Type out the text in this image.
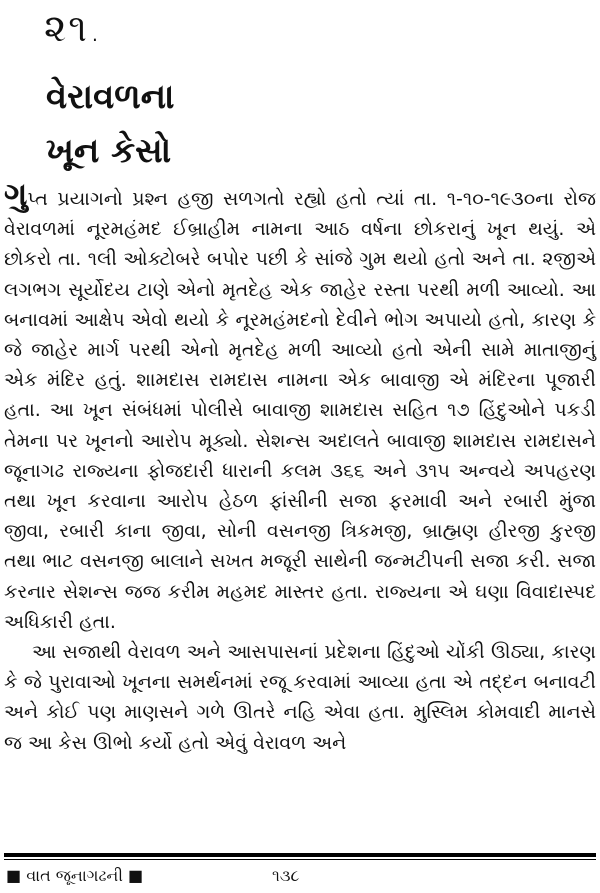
૨૧.
વેરાવળના
ખૂન કેસો

ગુપ્ત પ્રયાગનો પ્રશ્ન હજી સળગતો રહ્યો હતો ત્યાં તા. ૧-૧૦-૧૯૩૦ના રોજ વેરાવળમાં નૂરમહંમદ ઈબ્રાહીમ નામના આઠ વર્ષના છોકરાનું ખૂન થયું. એ છોકરો તા. ૧લી ઓક્ટોબરે બપોર પછી કે સાંજે ગુમ થયો હતો અને તા. ૨જીએ લગભગ સૂર્યોદય ટાણે એનો મૃતદેહ એક જાહેર રસ્તા પરથી મળી આવ્યો. આ બનાવમાં આક્ષેપ એવો થયો કે નૂરમહંમદનો દેવીને ભોગ અપાયો હતો, કારણ કે જે જાહેર માર્ગ પરથી એનો મૃતદેહ મળી આવ્યો હતો એની સામે માતાજીનું એક મંદિર હતું. શામદાસ રામદાસ નામના એક બાવાજી એ મંદિરના પૂજારી હતા. આ ખૂન સંબંધમાં પોલીસે બાવાજી શામદાસ સહિત ૧૭ હિંદુઓને પકડી તેમના પર ખૂનનો આરોપ મૂક્યો. સેશન્સ અદાલતે બાવાજી શામદાસ રામદાસને જૂનાગઢ રાજ્યના ફોજદારી ધારાની કલમ ૩૬૬ અને ૩૧૫ અન્વયે અપહરણ તથા ખૂન કરવાના આરોપ હેઠળ ફાંસીની સજા ફરમાવી અને રબારી મુંજા જીવા, રબારી કાના જીવા, સોની વસનજી ત્રિકમજી, બ્રાહ્મણ હીરજી કુરજી તથા ભાટ વસનજી બાલાને સખત મજૂરી સાથેની જન્મટીપની સજા કરી. સજા કરનાર સેશન્સ જજ કરીમ મહમદ માસ્તર હતા. રાજ્યના એ ઘણા વિવાદાસ્પદ અધિકારી હતા.

આ સજાથી વેરાવળ અને આસપાસનાં પ્રદેશના હિંદુઓ ચોંકી ઊઠ્યા, કારણ કે જે પુરાવાઓ ખૂનના સમર્થનમાં રજૂ કરવામાં આવ્યા હતા એ તદ્દન બનાવટી અને કોઈ પણ માણસને ગળે ઊતરે નહિ એવા હતા. મુસ્લિમ કોમવાદી માનસે જ આ કેસ ઊભો કર્યો હતો એવું વેરાવળ અને

■ વાત જૂનાગઢની ■	૧૩૮
